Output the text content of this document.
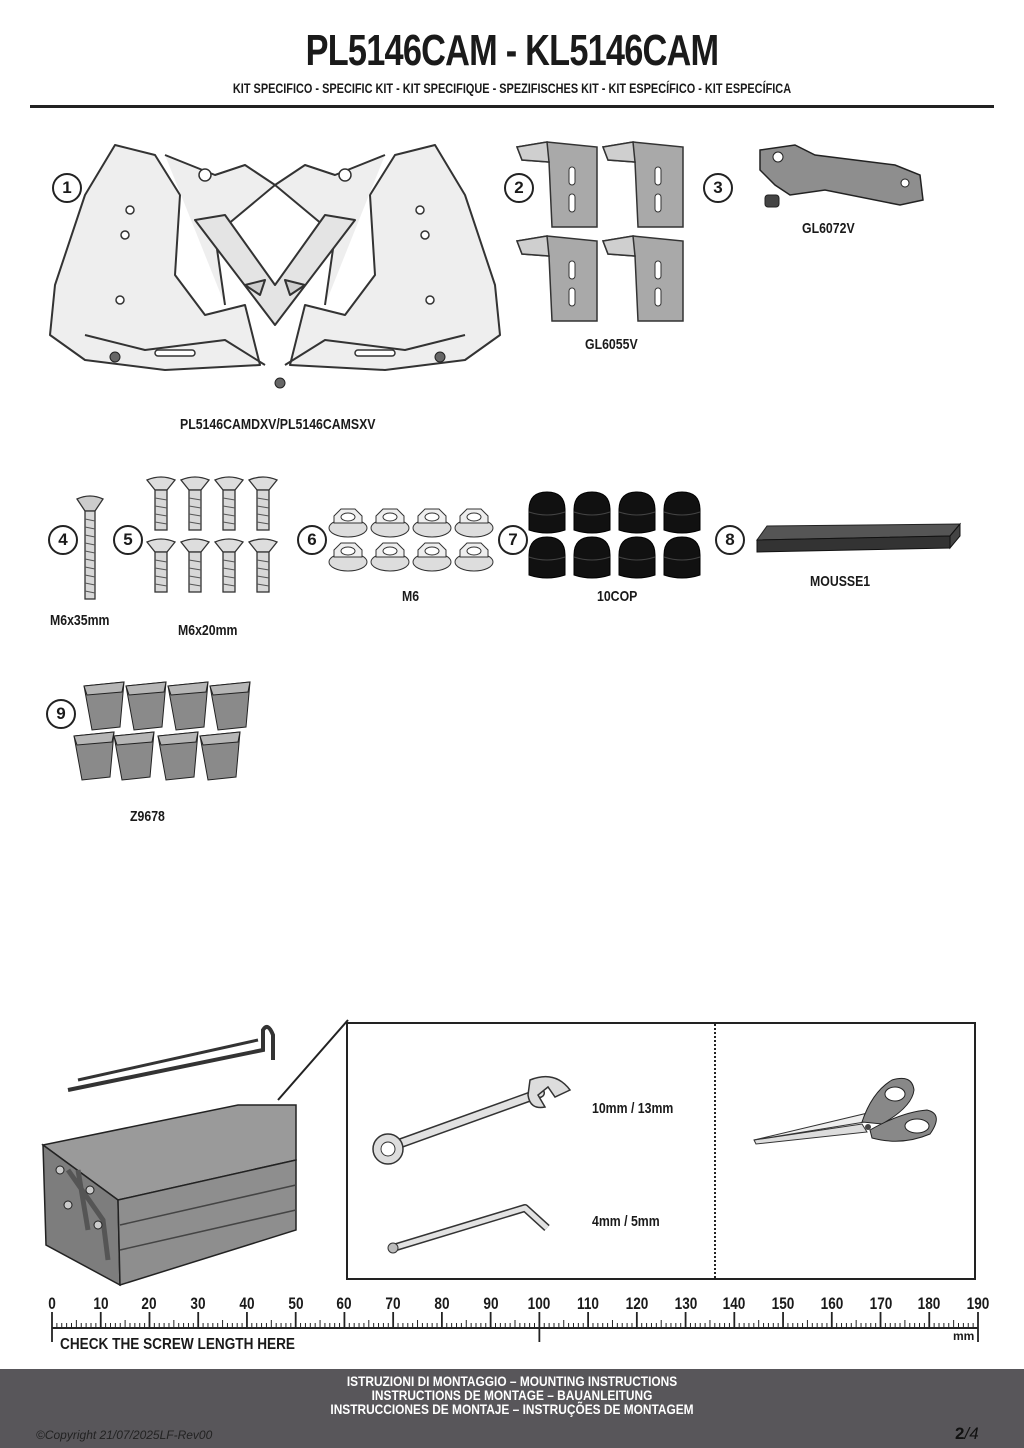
PL5146CAM - KL5146CAM
KIT SPECIFICO - SPECIFIC KIT - KIT SPECIFIQUE - SPEZIFISCHES KIT - KIT ESPECÍFICO - KIT ESPECÍFICA
1
PL5146CAMDXV/PL5146CAMSXV
2
GL6055V
3
GL6072V
4
M6x35mm
5
M6x20mm
6
M6
7
10COP
8
MOUSSE1
9
Z9678
10mm / 13mm
4mm / 5mm
0 10 20 30 40 50 60 70 80 90 100 110 120 130 140 150 160 170 180 190
CHECK THE SCREW LENGTH HERE	mm
ISTRUZIONI DI MONTAGGIO – MOUNTING INSTRUCTIONS
INSTRUCTIONS DE MONTAGE – BAUANLEITUNG
INSTRUCCIONES DE MONTAJE – INSTRUÇÕES DE MONTAGEM
©Copyright 21/07/2025LF-Rev00	2/4
